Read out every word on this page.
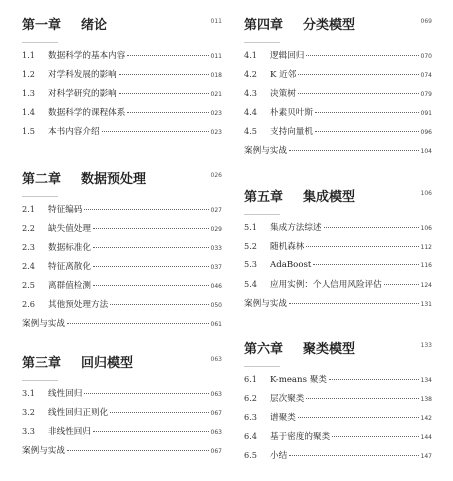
第一章 绪论	011
1.1	数据科学的基本内容	011
1.2	对学科发展的影响	018
1.3	对科学研究的影响	021
1.4	数据科学的课程体系	023
1.5	本书内容介绍	023
第二章 数据预处理	026
2.1	特征编码	027
2.2	缺失值处理	029
2.3	数据标准化	033
2.4	特征离散化	037
2.5	离群值检测	046
2.6	其他预处理方法	050
案例与实战	061
第三章 回归模型	063
3.1	线性回归	063
3.2	线性回归正则化	067
3.3	非线性回归	063
案例与实战	067
第四章 分类模型	069
4.1	逻辑回归	070
4.2	K 近邻	074
4.3	决策树	079
4.4	朴素贝叶斯	091
4.5	支持向量机	096
案例与实战	104
第五章 集成模型	106
5.1	集成方法综述	106
5.2	随机森林	112
5.3	AdaBoost	116
5.4	应用实例：个人信用风险评估	124
案例与实战	131
第六章 聚类模型	133
6.1	K-means 聚类	134
6.2	层次聚类	138
6.3	谱聚类	142
6.4	基于密度的聚类	144
6.5	小结	147
